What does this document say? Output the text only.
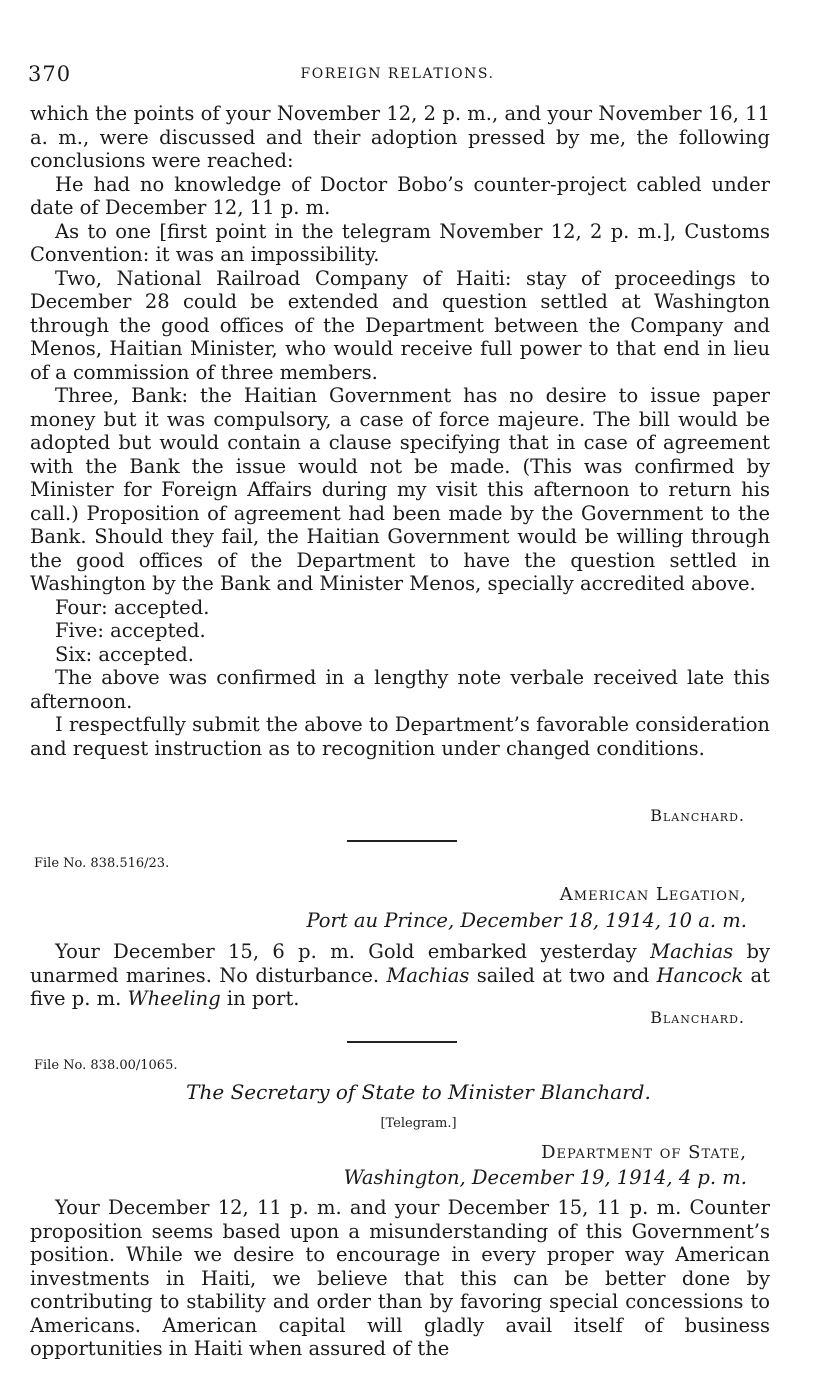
370	FOREIGN RELATIONS.

which the points of your November 12, 2 p. m., and your November 16, 11 a. m., were discussed and their adoption pressed by me, the following conclusions were reached:

He had no knowledge of Doctor Bobo’s counter-project cabled under date of December 12, 11 p. m.

As to one [first point in the telegram November 12, 2 p. m.], Customs Convention: it was an impossibility.

Two, National Railroad Company of Haiti: stay of proceedings to December 28 could be extended and question settled at Washington through the good offices of the Department between the Company and Menos, Haitian Minister, who would receive full power to that end in lieu of a commission of three members.

Three, Bank: the Haitian Government has no desire to issue paper money but it was compulsory, a case of force majeure. The bill would be adopted but would contain a clause specifying that in case of agreement with the Bank the issue would not be made. (This was confirmed by Minister for Foreign Affairs during my visit this afternoon to return his call.) Proposition of agreement had been made by the Government to the Bank. Should they fail, the Haitian Government would be willing through the good offices of the Department to have the question settled in Washington by the Bank and Minister Menos, specially accredited above.

Four: accepted.

Five: accepted.

Six: accepted.

The above was confirmed in a lengthy note verbale received late this afternoon.

I respectfully submit the above to Department’s favorable consideration and request instruction as to recognition under changed conditions.

Blanchard.
File No. 838.516/23.
American Legation,
Port au Prince, December 18, 1914, 10 a. m.

Your December 15, 6 p. m. Gold embarked yesterday Machias by unarmed marines. No disturbance. Machias sailed at two and Hancock at five p. m. Wheeling in port.

Blanchard.
File No. 838.00/1065.
The Secretary of State to Minister Blanchard.
[Telegram.]
Department of State,
Washington, December 19, 1914, 4 p. m.

Your December 12, 11 p. m. and your December 15, 11 p. m. Counter proposition seems based upon a misunderstanding of this Government’s position. While we desire to encourage in every proper way American investments in Haiti, we believe that this can be better done by contributing to stability and order than by favoring special concessions to Americans. American capital will gladly avail itself of business opportunities in Haiti when assured of the
